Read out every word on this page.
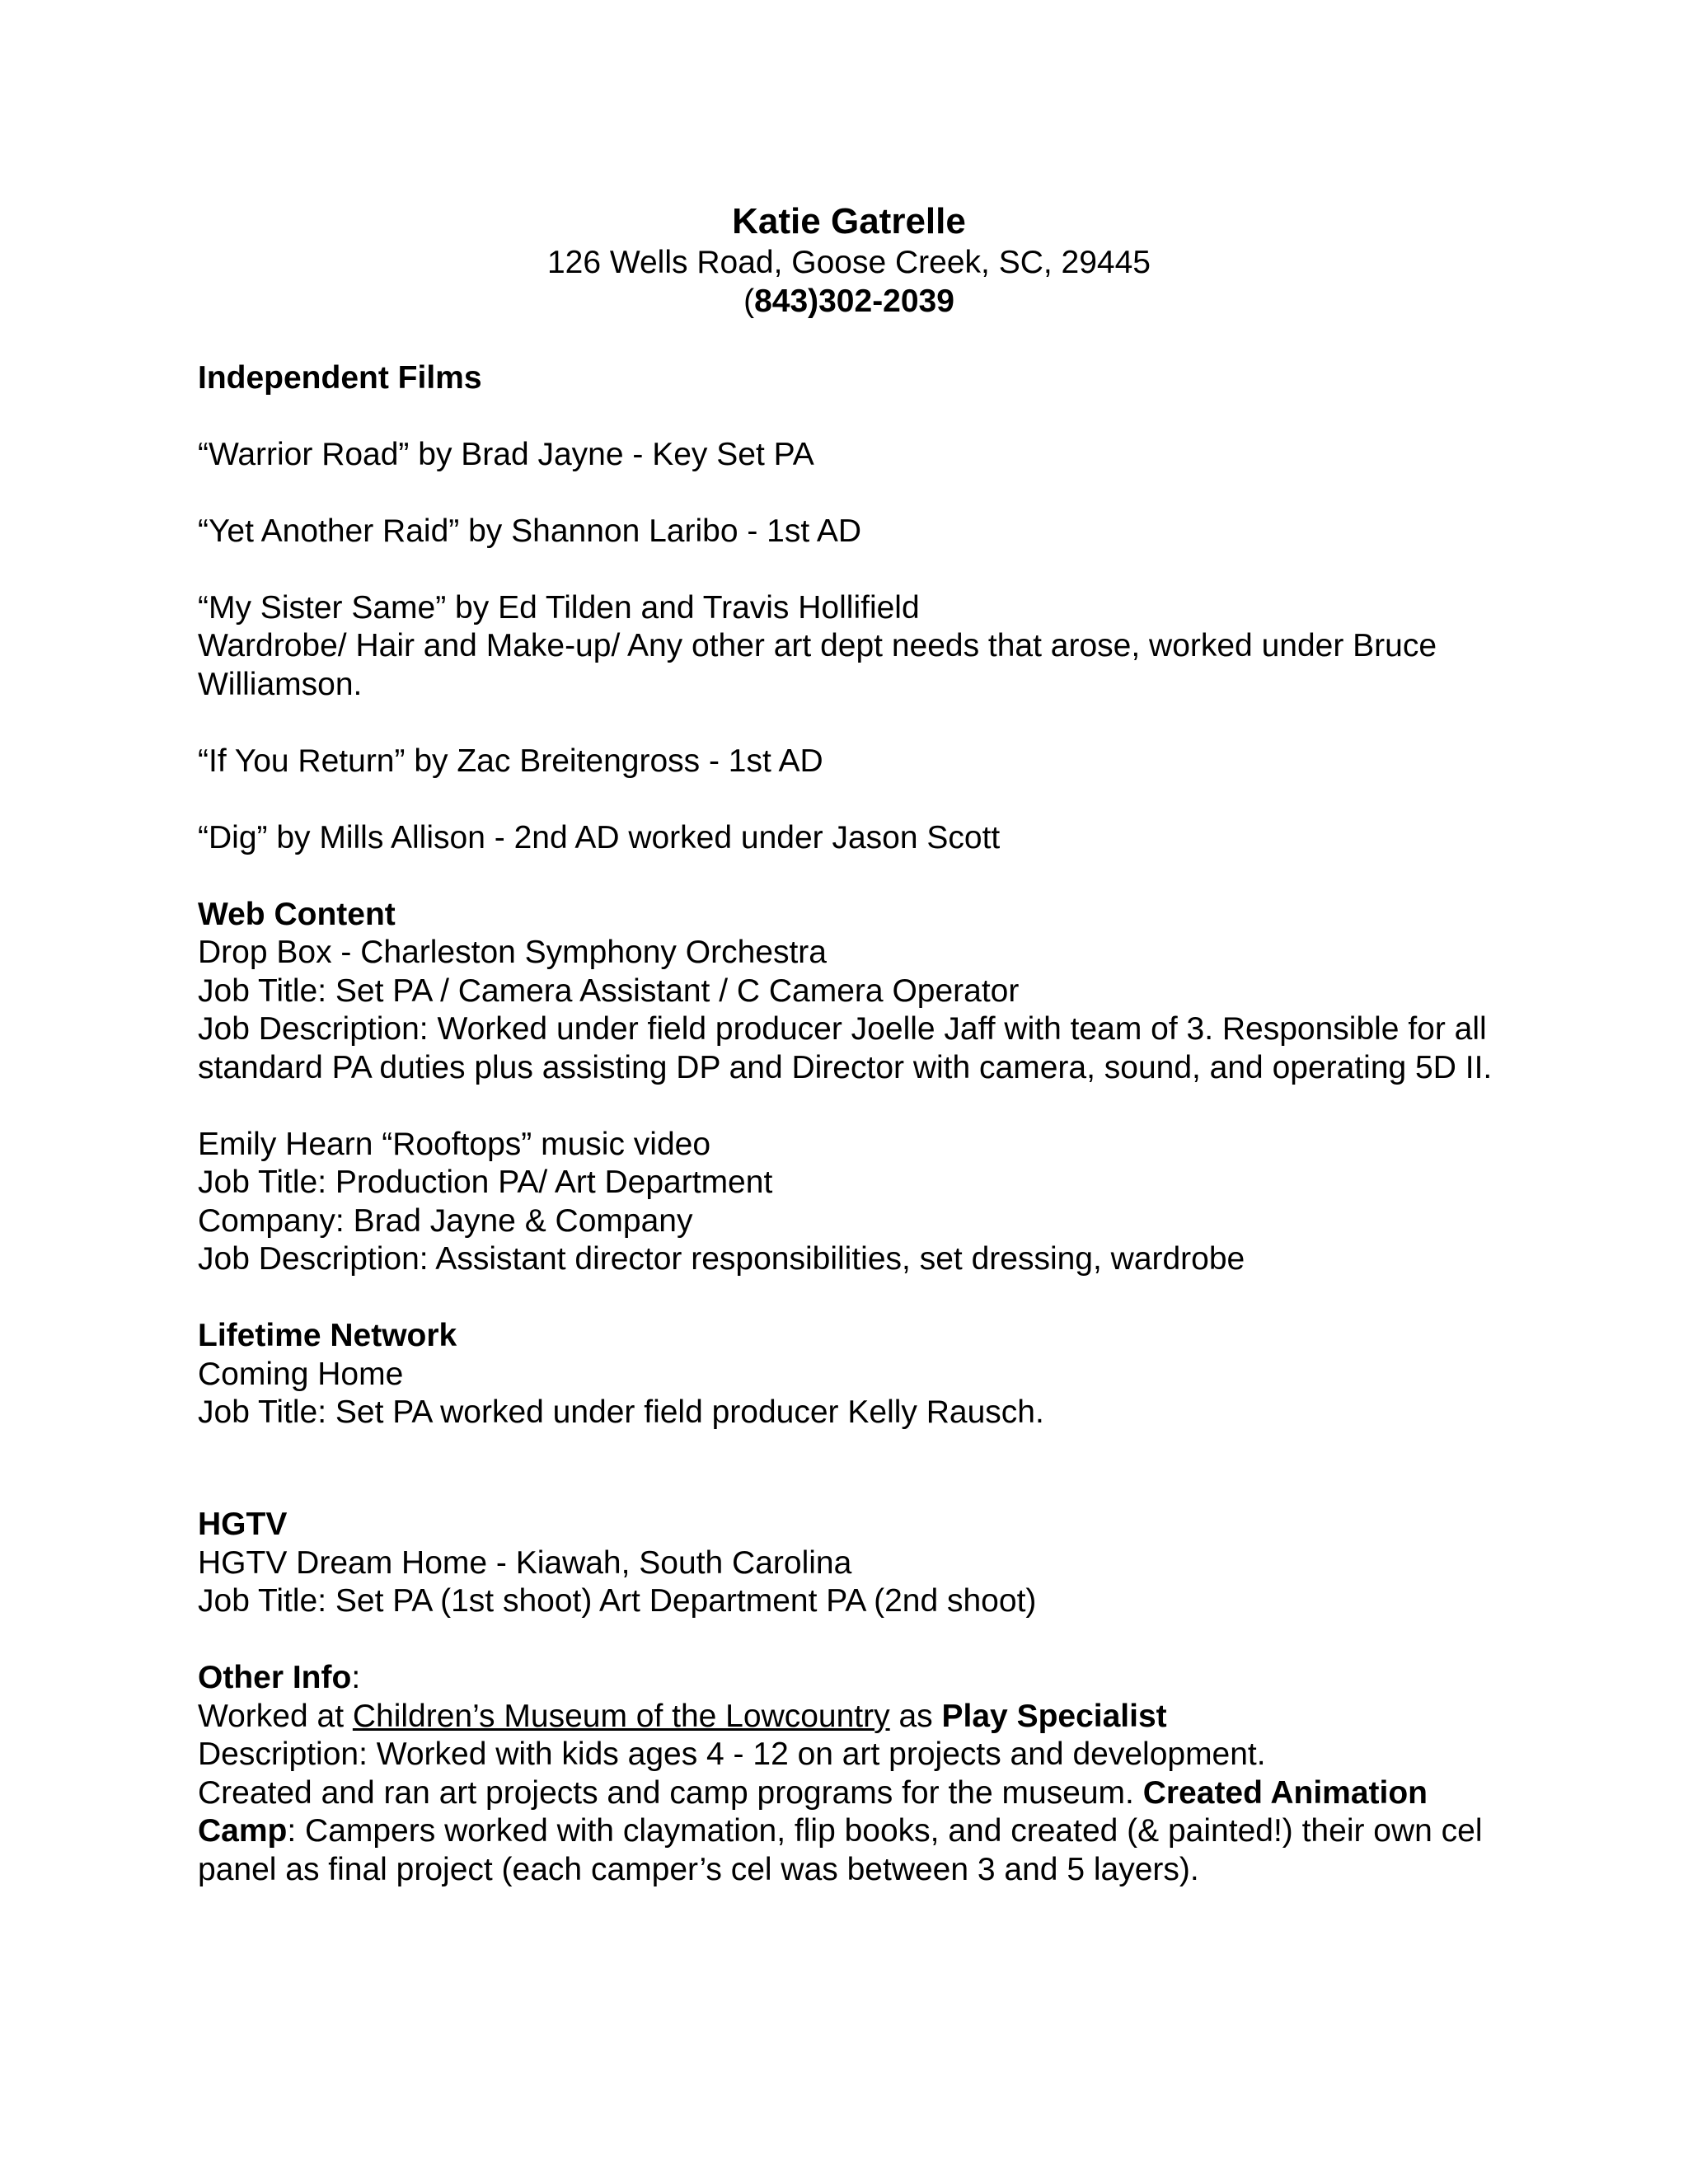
Katie Gatrelle
126 Wells Road, Goose Creek, SC, 29445
(843)302-2039
Independent Films
“Warrior Road” by Brad Jayne - Key Set PA
“Yet Another Raid” by Shannon Laribo - 1st AD
“My Sister Same” by Ed Tilden and Travis Hollifield
Wardrobe/ Hair and Make-up/ Any other art dept needs that arose, worked under Bruce Williamson.
“If You Return” by Zac Breitengross - 1st AD
“Dig” by Mills Allison - 2nd AD worked under Jason Scott
Web Content
Drop Box - Charleston Symphony Orchestra
Job Title: Set PA / Camera Assistant / C Camera Operator
Job Description: Worked under field producer Joelle Jaff with team of 3. Responsible for all standard PA duties plus assisting DP and Director with camera, sound, and operating 5D II.
Emily Hearn “Rooftops” music video
Job Title: Production PA/ Art Department
Company: Brad Jayne & Company
Job Description: Assistant director responsibilities, set dressing, wardrobe
Lifetime Network
Coming Home
Job Title: Set PA worked under field producer Kelly Rausch.
HGTV
HGTV Dream Home - Kiawah, South Carolina
Job Title: Set PA (1st shoot) Art Department PA (2nd shoot)
Other Info:
Worked at Children’s Museum of the Lowcountry as Play Specialist
Description: Worked with kids ages 4 - 12 on art projects and development.
Created and ran art projects and camp programs for the museum. Created Animation Camp: Campers worked with claymation, flip books, and created (& painted!) their own cel panel as final project (each camper’s cel was between 3 and 5 layers).
